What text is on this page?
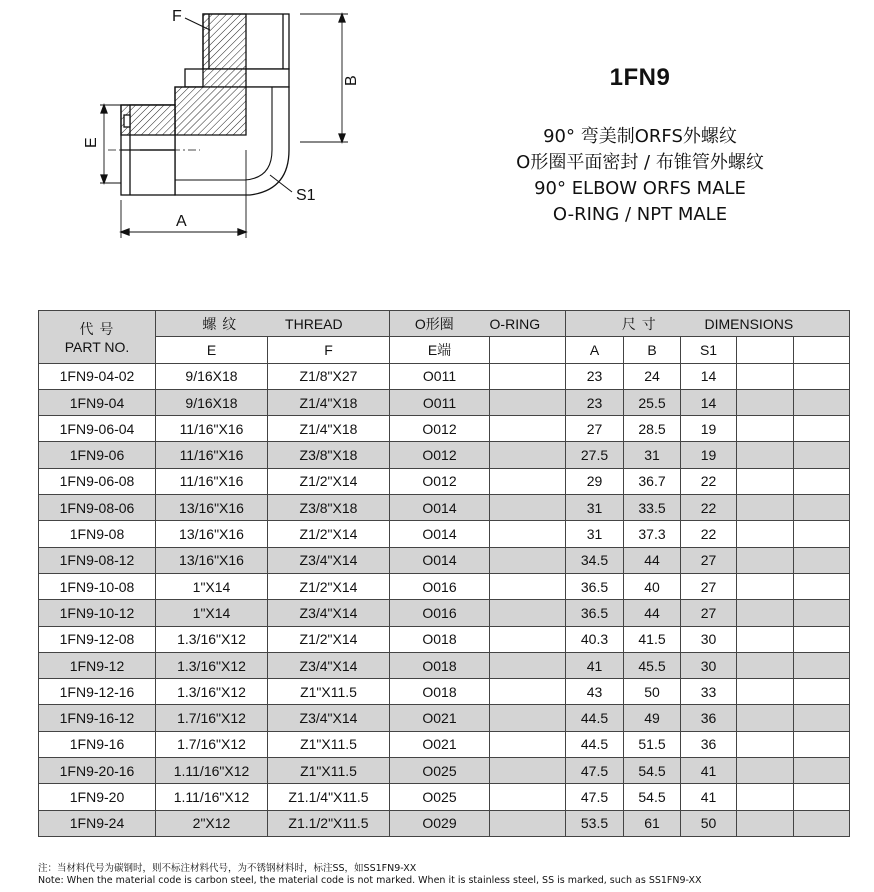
F
B
E
A
S1
1FN9
90° 弯美制ORFS外螺纹
O形圈平面密封 / 布锥管外螺纹
90° ELBOW ORFS MALE
O-RING / NPT MALE
代 号
PART NO.	螺 纹 THREAD		O形圈 O-RING		尺 寸 DIMENSIONS				
	E	F	E端		A	B	S1		
1FN9-04-02	9/16X18	Z1/8"X27	O011		23	24	14		
1FN9-04	9/16X18	Z1/4"X18	O011		23	25.5	14		
1FN9-06-04	11/16"X16	Z1/4"X18	O012		27	28.5	19		
1FN9-06	11/16"X16	Z3/8"X18	O012		27.5	31	19		
1FN9-06-08	11/16"X16	Z1/2"X14	O012		29	36.7	22		
1FN9-08-06	13/16"X16	Z3/8"X18	O014		31	33.5	22		
1FN9-08	13/16"X16	Z1/2"X14	O014		31	37.3	22		
1FN9-08-12	13/16"X16	Z3/4"X14	O014		34.5	44	27		
1FN9-10-08	1"X14	Z1/2"X14	O016		36.5	40	27		
1FN9-10-12	1"X14	Z3/4"X14	O016		36.5	44	27		
1FN9-12-08	1.3/16"X12	Z1/2"X14	O018		40.3	41.5	30		
1FN9-12	1.3/16"X12	Z3/4"X14	O018		41	45.5	30		
1FN9-12-16	1.3/16"X12	Z1"X11.5	O018		43	50	33		
1FN9-16-12	1.7/16"X12	Z3/4"X14	O021		44.5	49	36		
1FN9-16	1.7/16"X12	Z1"X11.5	O021		44.5	51.5	36		
1FN9-20-16	1.11/16"X12	Z1"X11.5	O025		47.5	54.5	41		
1FN9-20	1.11/16"X12	Z1.1/4"X11.5	O025		47.5	54.5	41		
1FN9-24	2"X12	Z1.1/2"X11.5	O029		53.5	61	50		
注：当材料代号为碳钢时，则不标注材料代号，为不锈钢材料时，标注SS，如SS1FN9-XX
Note: When the material code is carbon steel, the material code is not marked. When it is stainless steel, SS is marked, such as SS1FN9-XX
